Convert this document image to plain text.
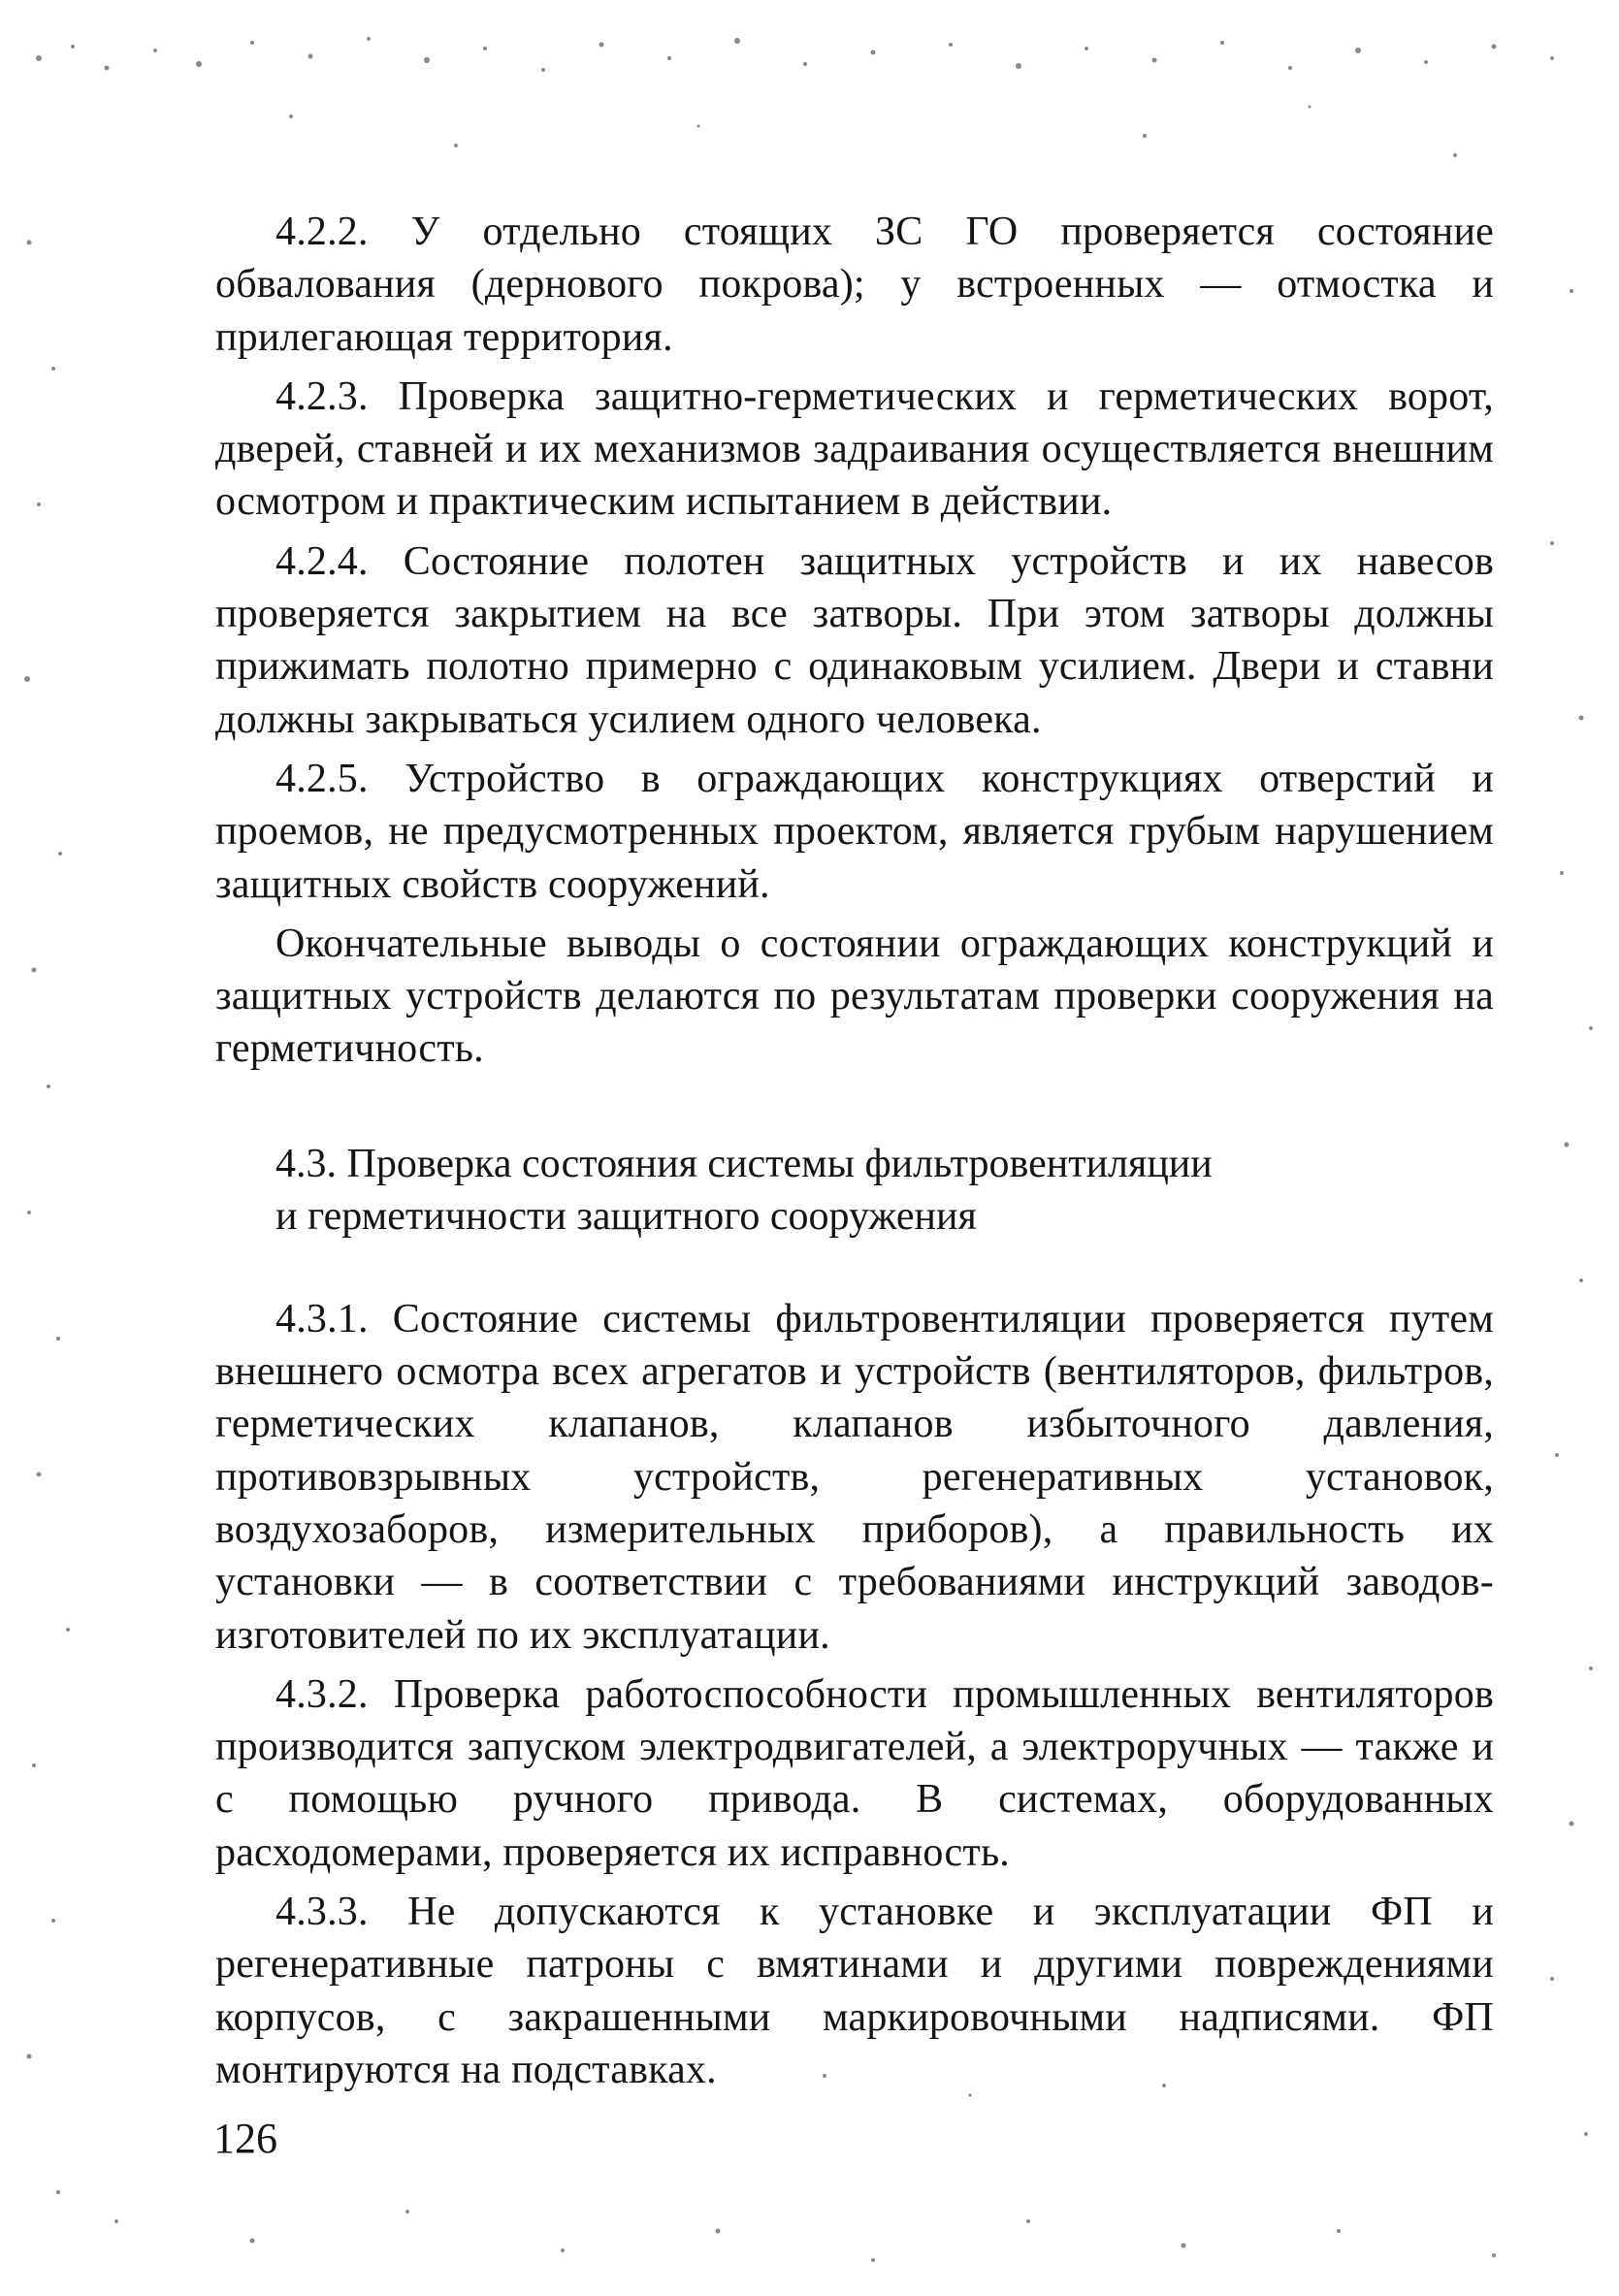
4.2.2. У отдельно стоящих ЗС ГО проверяется состояние обвалования (дернового покрова); у встроенных — отмостка и прилегающая территория.

4.2.3. Проверка защитно-герметических и герметических ворот, дверей, ставней и их механизмов задраивания осуществляется внешним осмотром и практическим испытанием в действии.

4.2.4. Состояние полотен защитных устройств и их навесов проверяется закрытием на все затворы. При этом затворы должны прижимать полотно примерно с одинаковым усилием. Двери и ставни должны закрываться усилием одного человека.

4.2.5. Устройство в ограждающих конструкциях отверстий и проемов, не предусмотренных проектом, является грубым нарушением защитных свойств сооружений.

Окончательные выводы о состоянии ограждающих конструкций и защитных устройств делаются по результатам проверки сооружения на герметичность.

4.3. Проверка состояния системы фильтровентиляции
и герметичности защитного сооружения

4.3.1. Состояние системы фильтровентиляции проверяется путем внешнего осмотра всех агрегатов и устройств (вентиляторов, фильтров, герметических клапанов, клапанов избыточного давления, противовзрывных устройств, регенеративных установок, воздухозаборов, измерительных приборов), а правильность их установки — в соответствии с требованиями инструкций заводов-изготовителей по их эксплуатации.

4.3.2. Проверка работоспособности промышленных вентиляторов производится запуском электродвигателей, а электроручных — также и с помощью ручного привода. В системах, оборудованных расходомерами, проверяется их исправность.

4.3.3. Не допускаются к установке и эксплуатации ФП и регенеративные патроны с вмятинами и другими повреждениями корпусов, с закрашенными маркировочными надписями. ФП монтируются на подставках.

126
